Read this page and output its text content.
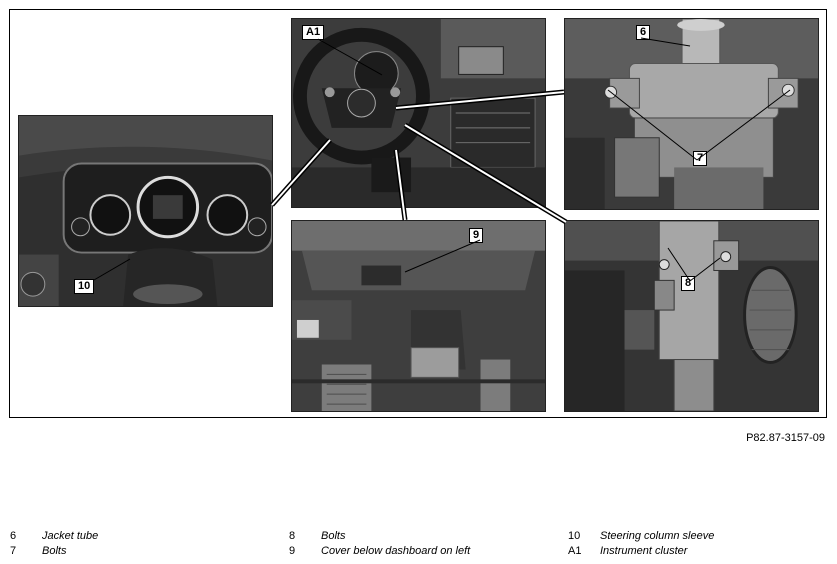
10
A1	6
7
9
8
P82.87-3157-09
6	Jacket tube
7	Bolts
8	Bolts
9	Cover below dashboard on left
10	Steering column sleeve
A1	Instrument cluster
